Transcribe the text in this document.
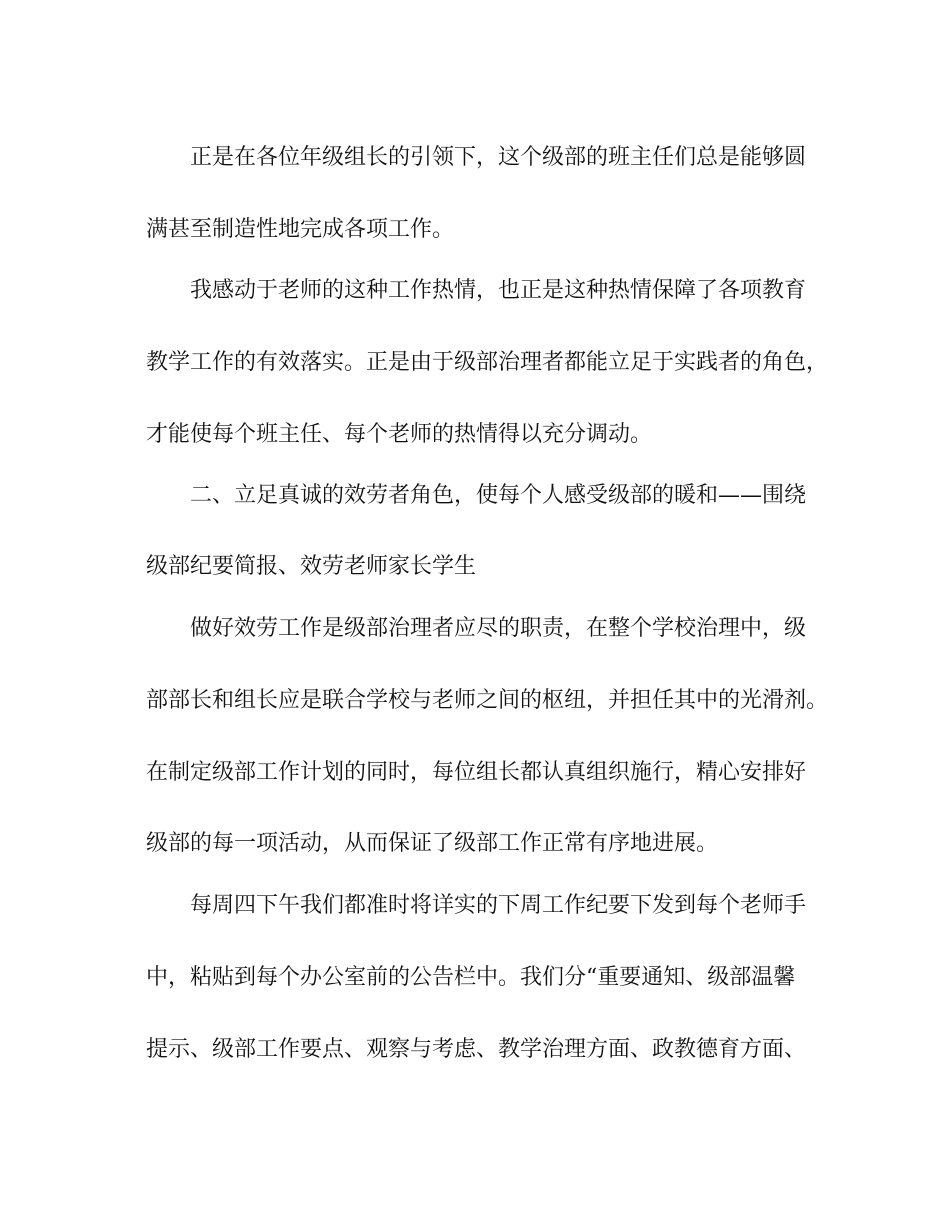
正是在各位年级组长的引领下，这个级部的班主任们总是能够圆
满甚至制造性地完成各项工作。
我感动于老师的这种工作热情，也正是这种热情保障了各项教育
教学工作的有效落实。正是由于级部治理者都能立足于实践者的角色，
才能使每个班主任、每个老师的热情得以充分调动。
二、立足真诚的效劳者角色，使每个人感受级部的暖和——围绕
级部纪要简报、效劳老师家长学生
做好效劳工作是级部治理者应尽的职责，在整个学校治理中，级
部部长和组长应是联合学校与老师之间的枢纽，并担任其中的光滑剂。
在制定级部工作计划的同时，每位组长都认真组织施行，精心安排好
级部的每一项活动，从而保证了级部工作正常有序地进展。
每周四下午我们都准时将详实的下周工作纪要下发到每个老师手
中，粘贴到每个办公室前的公告栏中。我们分“重要通知、级部温馨
提示、级部工作要点、观察与考虑、教学治理方面、政教德育方面、
